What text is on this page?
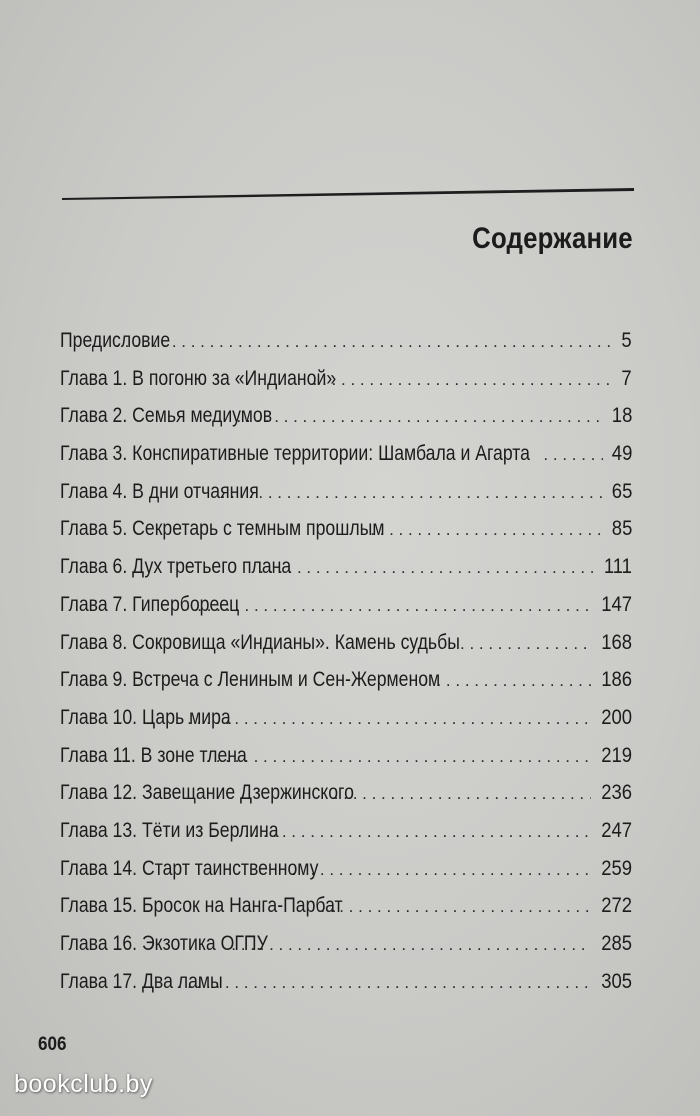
Содержание
Предисловие . . .	5
Глава 1. В погоню за «Индианой» . . .	7
Глава 2. Семья медиумов . . .	18
Глава 3. Конспиративные территории: Шамбала и Агарта . . .	49
Глава 4. В дни отчаяния . . .	65
Глава 5. Секретарь с темным прошлым . . .	85
Глава 6. Дух третьего плана . . .	111
Глава 7. Гипербореец . . .	147
Глава 8. Сокровища «Индианы». Камень судьбы . . .	168
Глава 9. Встреча с Лениным и Сен-Жерменом . . .	186
Глава 10. Царь мира . . .	200
Глава 11. В зоне тлена . . .	219
Глава 12. Завещание Дзержинского . . .	236
Глава 13. Тёти из Берлина . . .	247
Глава 14. Старт таинственному . . .	259
Глава 15. Бросок на Нанга-Парбат . . .	272
Глава 16. Экзотика ОГПУ . . .	285
Глава 17. Два ламы . . .	305
606
bookclub.by
